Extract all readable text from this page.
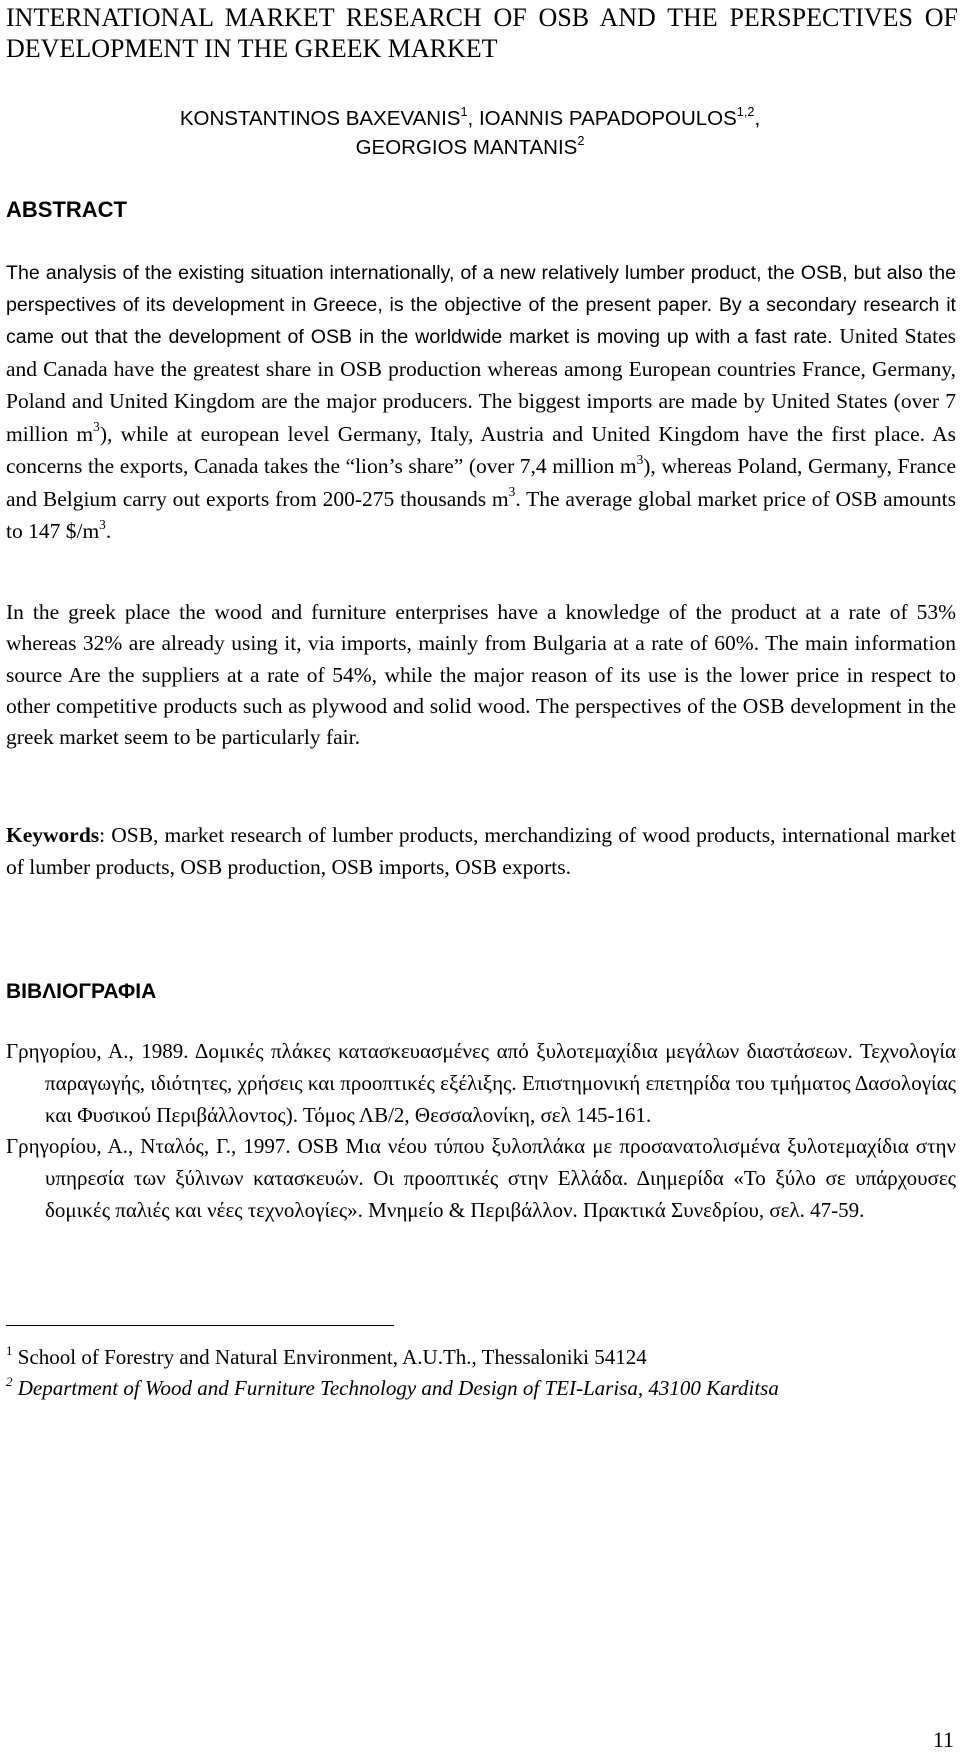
INTERNATIONAL MARKET RESEARCH OF OSB AND THE PERSPECTIVES OF DEVELOPMENT IN THE GREEK MARKET
KONSTANTINOS BAXEVANIS$^1$, IOANNIS PAPADOPOULOS$^{1,2}$,
GEORGIOS MANTANIS$^2$
ABSTRACT
The analysis of the existing situation internationally, of a new relatively lumber product, the OSB, but also the perspectives of its development in Greece, is the objective of the present paper. By a secondary research it came out that the development of OSB in the worldwide market is moving up with a fast rate. United States and Canada have the greatest share in OSB production whereas among European countries France, Germany, Poland and United Kingdom are the major producers. The biggest imports are made by United States (over 7 million $m^3$), while at european level Germany, Italy, Austria and United Kingdom have the first place. As concerns the exports, Canada takes the “lion’s share” (over 7,4 million $m^3$), whereas Poland, Germany, France and Belgium carry out exports from 200-275 thousands $m^3$. The average global market price of OSB amounts to 147 $\$/m^3$.
In the greek place the wood and furniture enterprises have a knowledge of the product at a rate of 53% whereas 32% are already using it, via imports, mainly from Bulgaria at a rate of 60%. The main information source Are the suppliers at a rate of 54%, while the major reason of its use is the lower price in respect to other competitive products such as plywood and solid wood. The perspectives of the OSB development in the greek market seem to be particularly fair.
Keywords: OSB, market research of lumber products, merchandizing of wood products, international market of lumber products, OSB production, OSB imports, OSB exports.
ΒΙΒΛΙΟΓΡΑΦΙΑ
Γρηγορίου, Α., 1989. Δομικές πλάκες κατασκευασμένες από ξυλοτεμαχίδια μεγάλων διαστάσεων. Τεχνολογία παραγωγής, ιδιότητες, χρήσεις και προοπτικές εξέλιξης. Επιστημονική επετηρίδα του τμήματος Δασολογίας και Φυσικού Περιβάλλοντος). Τόμος ΛΒ/2, Θεσσαλονίκη, σελ 145-161.
Γρηγορίου, Α., Νταλός, Γ., 1997. OSB Μια νέου τύπου ξυλοπλάκα με προσανατολισμένα ξυλοτεμαχίδια στην υπηρεσία των ξύλινων κατασκευών. Οι προοπτικές στην Ελλάδα. Διημερίδα «Το ξύλο σε υπάρχουσες δομικές παλιές και νέες τεχνολογίες». Μνημείο & Περιβάλλον. Πρακτικά Συνεδρίου, σελ. 47-59.
$^1$ School of Forestry and Natural Environment, A.U.Th., Thessaloniki 54124
$^2$ Department of Wood and Furniture Technology and Design of TEI-Larisa, 43100 Karditsa
11
